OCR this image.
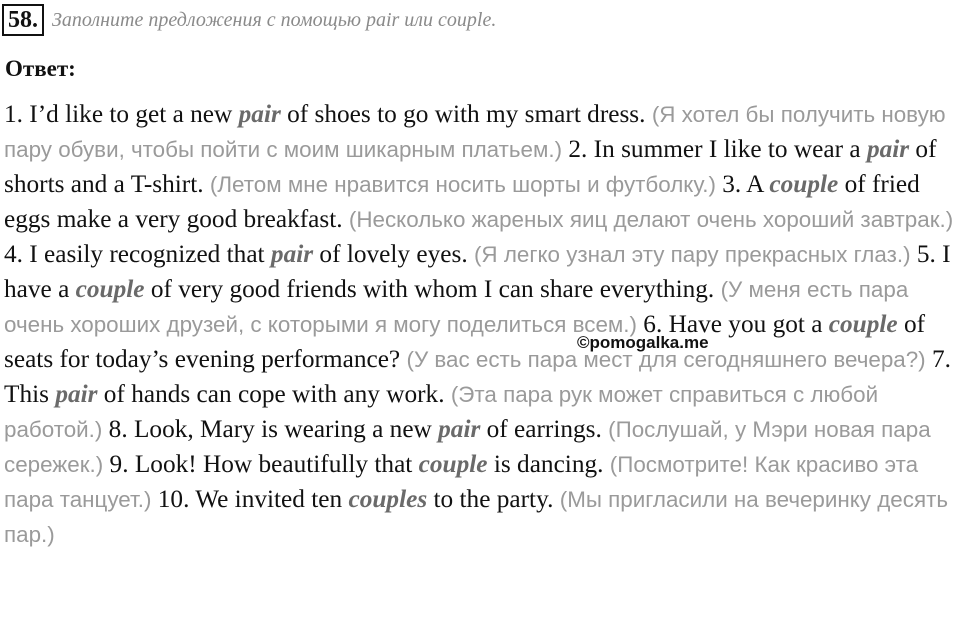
58. Заполните предложения с помощью pair или couple.
Ответ:
1. I’d like to get a new pair of shoes to go with my smart dress. (Я хотел бы получить новую пару обуви, чтобы пойти с моим шикарным платьем.) 2. In summer I like to wear a pair of shorts and a T-shirt. (Летом мне нравится носить шорты и футболку.) 3. A couple of fried eggs make a very good breakfast. (Несколько жареных яиц делают очень хороший завтрак.) 4. I easily recognized that pair of lovely eyes. (Я легко узнал эту пару прекрасных глаз.) 5. I have a couple of very good friends with whom I can share everything. (У меня есть пара очень хороших друзей, с которыми я могу поделиться всем.) 6. Have you got a couple of seats for today’s evening performance? (У вас есть пара мест для сегодняшнего вечера?) 7. This pair of hands can cope with any work. (Эта пара рук может справиться с любой работой.) 8. Look, Mary is wearing a new pair of earrings. (Послушай, у Мэри новая пара сережек.) 9. Look! How beautifully that couple is dancing. (Посмотрите! Как красиво эта пара танцует.) 10. We invited ten couples to the party. (Мы пригласили на вечеринку десять пар.)
©pomogalka.me
